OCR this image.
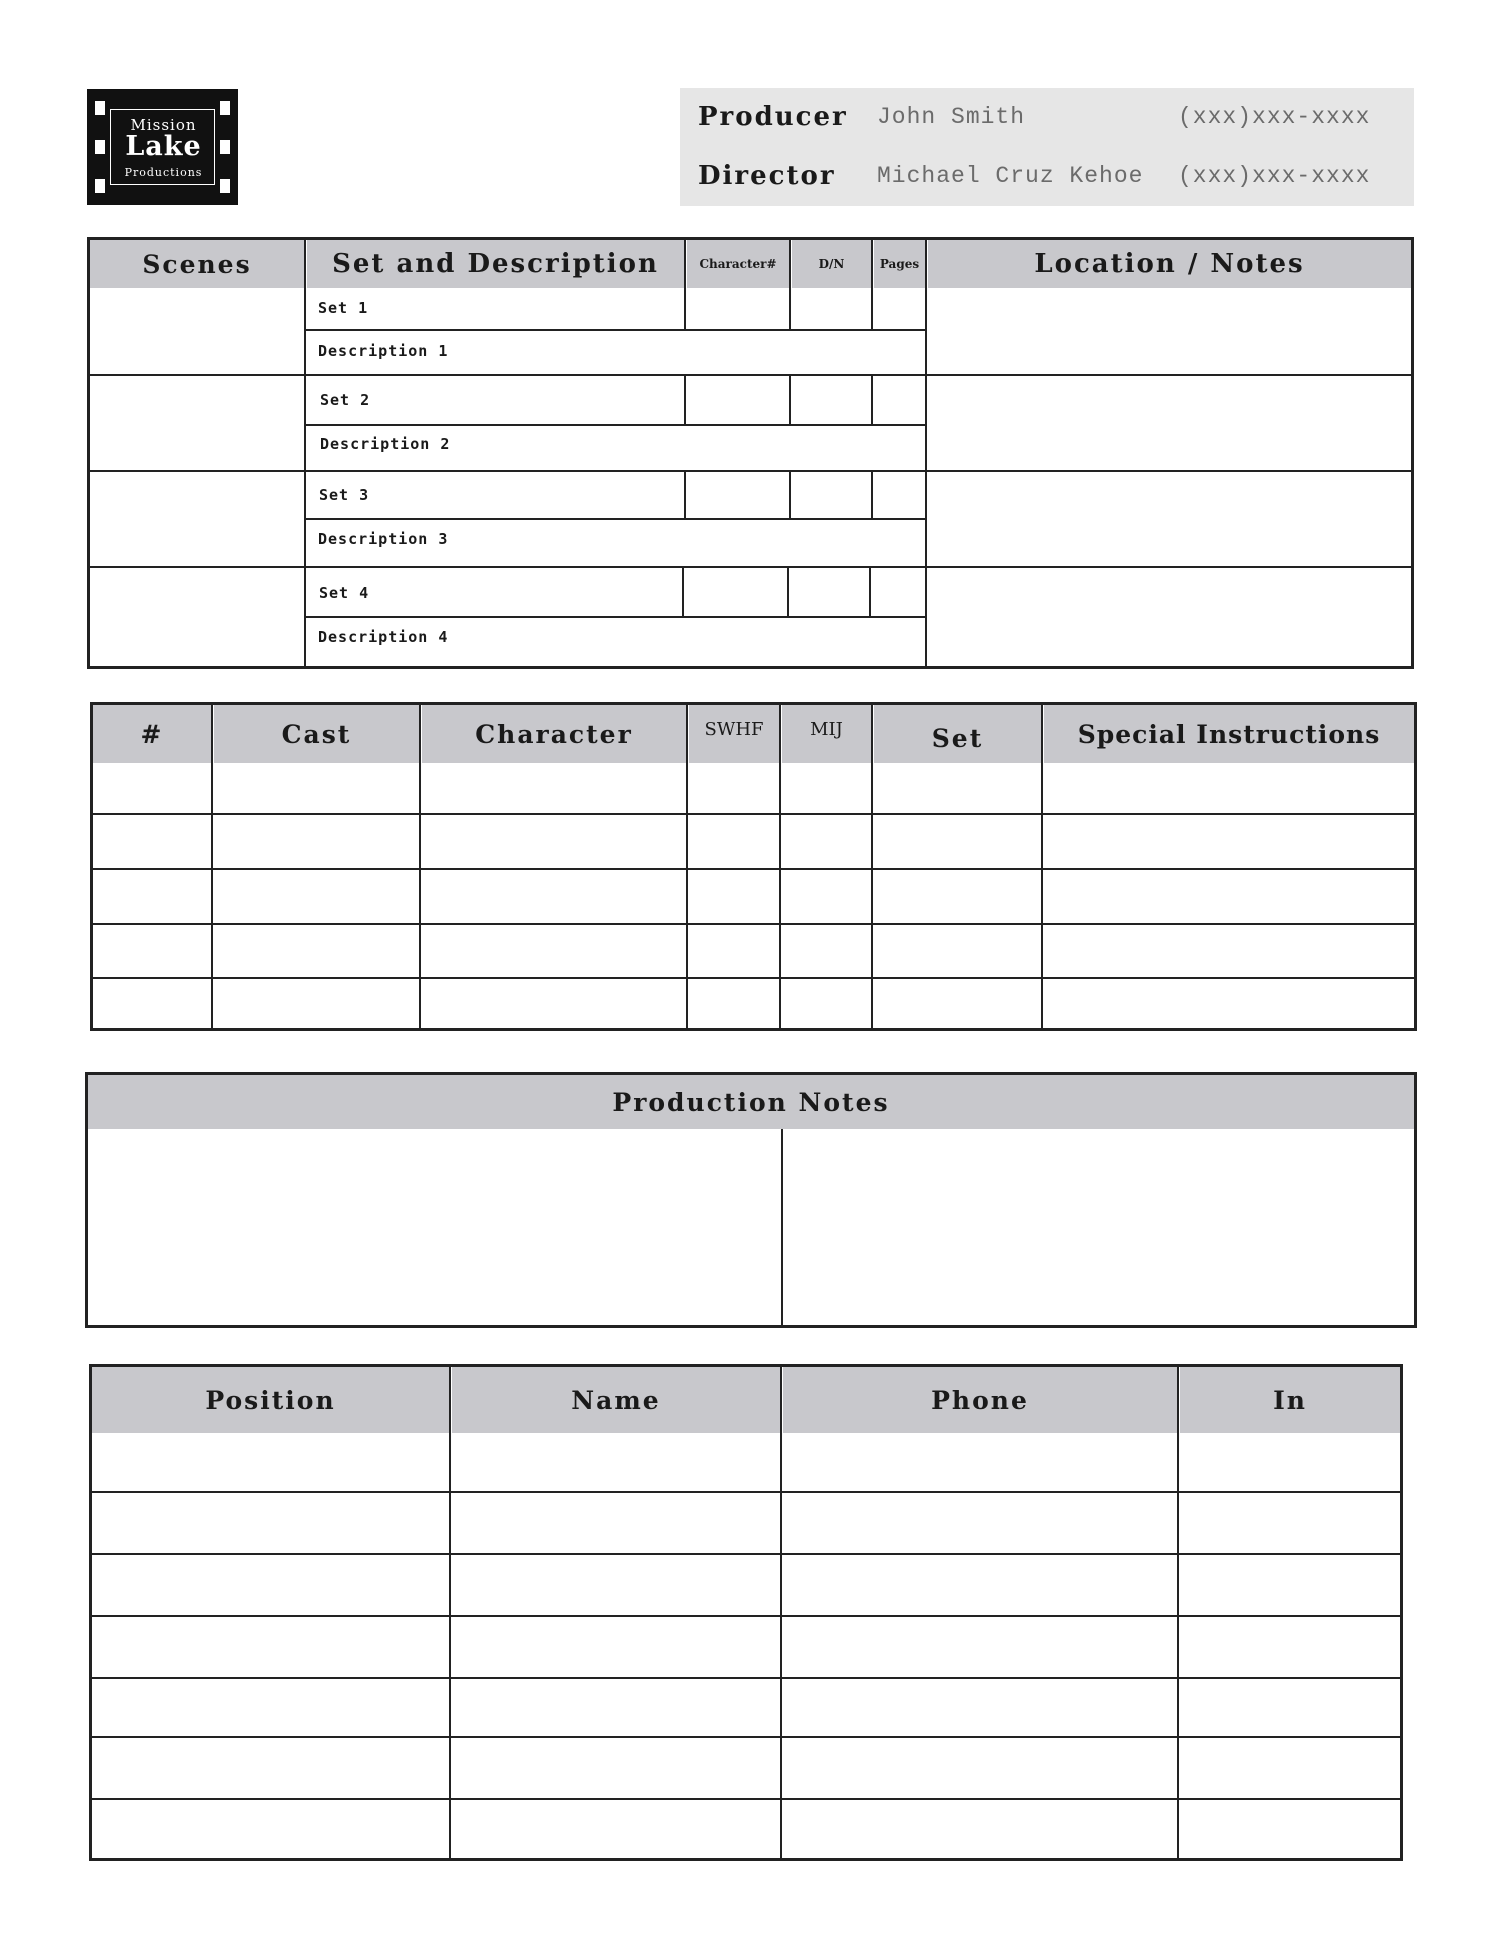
Mission
Lake
Productions
Producer John Smith	(xxx)xxx-xxxx
Director Michael Cruz Kehoe (xxx)xxx-xxxx
Scenes	Set and Description	Character#	D/N	Pages	Location / Notes
Set 1
Description 1
Set 2
Description 2
Set 3
Description 3
Set 4
Description 4
#	Cast	Character	SWHF	MIJ	Set	Special Instructions
Production Notes
Position	Name	Phone	In
